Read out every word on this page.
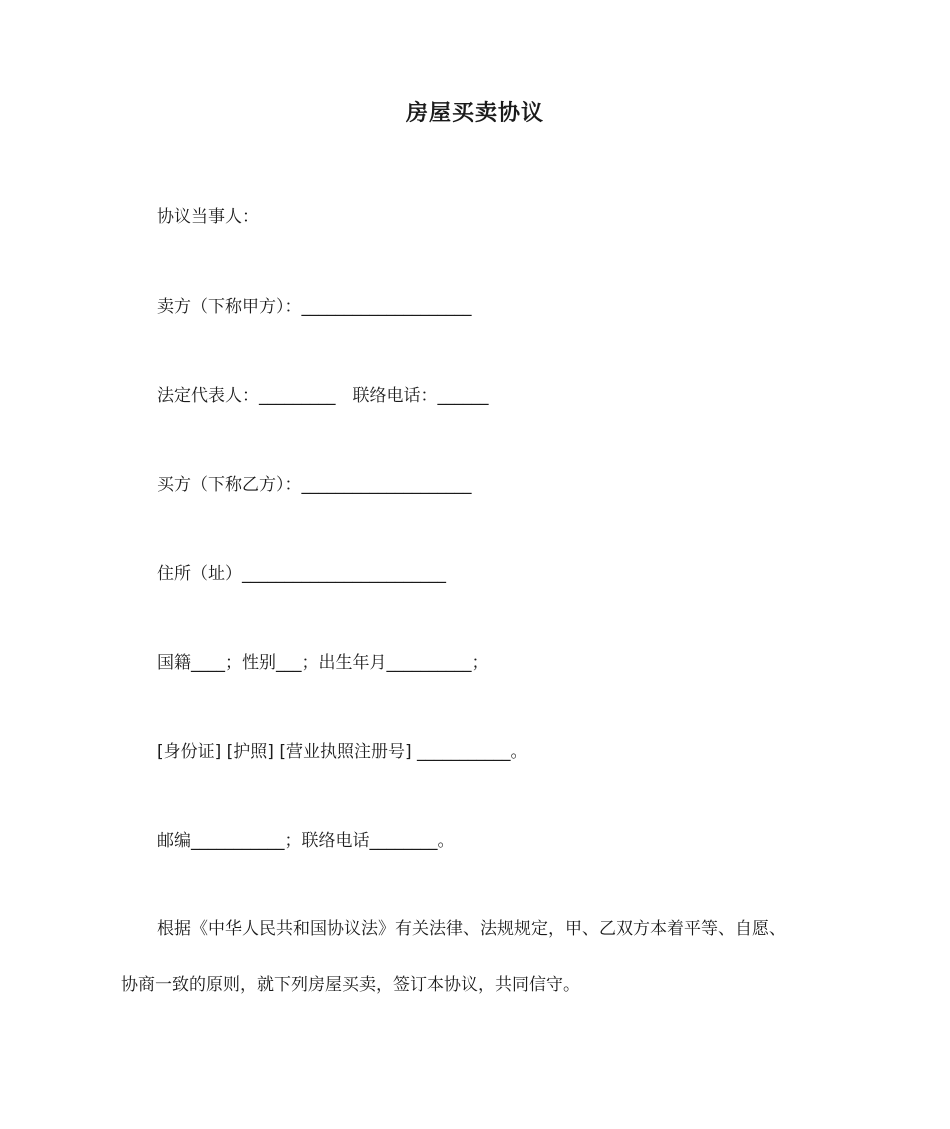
房屋买卖协议
协议当事人：
卖方（下称甲方）：____________________
法定代表人：_________　联络电话：______
买方（下称乙方）：____________________
住所（址）________________________
国籍____；性别___；出生年月__________；
[身份证] [护照] [营业执照注册号] ___________。
邮编___________；联络电话________。
根据《中华人民共和国协议法》有关法律、法规规定，甲、乙双方本着平等、自愿、
协商一致的原则，就下列房屋买卖，签订本协议，共同信守。
